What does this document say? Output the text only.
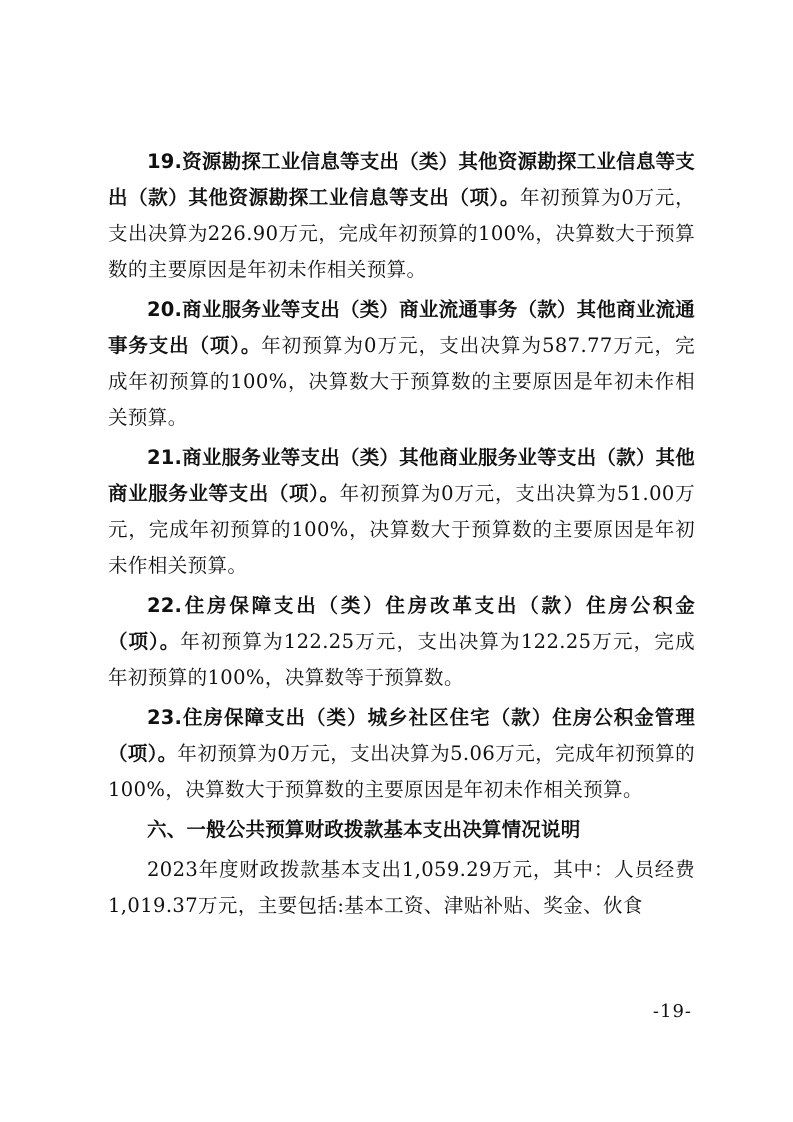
19.资源勘探工业信息等支出（类）其他资源勘探工业信息等支出（款）其他资源勘探工业信息等支出（项）。年初预算为0万元，支出决算为226.90万元，完成年初预算的100%，决算数大于预算数的主要原因是年初未作相关预算。

20.商业服务业等支出（类）商业流通事务（款）其他商业流通事务支出（项）。年初预算为0万元，支出决算为587.77万元，完成年初预算的100%，决算数大于预算数的主要原因是年初未作相关预算。

21.商业服务业等支出（类）其他商业服务业等支出（款）其他商业服务业等支出（项）。年初预算为0万元，支出决算为51.00万元，完成年初预算的100%，决算数大于预算数的主要原因是年初未作相关预算。

22.住房保障支出（类）住房改革支出（款）住房公积金（项）。年初预算为122.25万元，支出决算为122.25万元，完成年初预算的100%，决算数等于预算数。

23.住房保障支出（类）城乡社区住宅（款）住房公积金管理（项）。年初预算为0万元，支出决算为5.06万元，完成年初预算的100%，决算数大于预算数的主要原因是年初未作相关预算。

六、一般公共预算财政拨款基本支出决算情况说明

2023年度财政拨款基本支出1,059.29万元，其中：人员经费1,019.37万元，主要包括:基本工资、津贴补贴、奖金、伙食

-19-
